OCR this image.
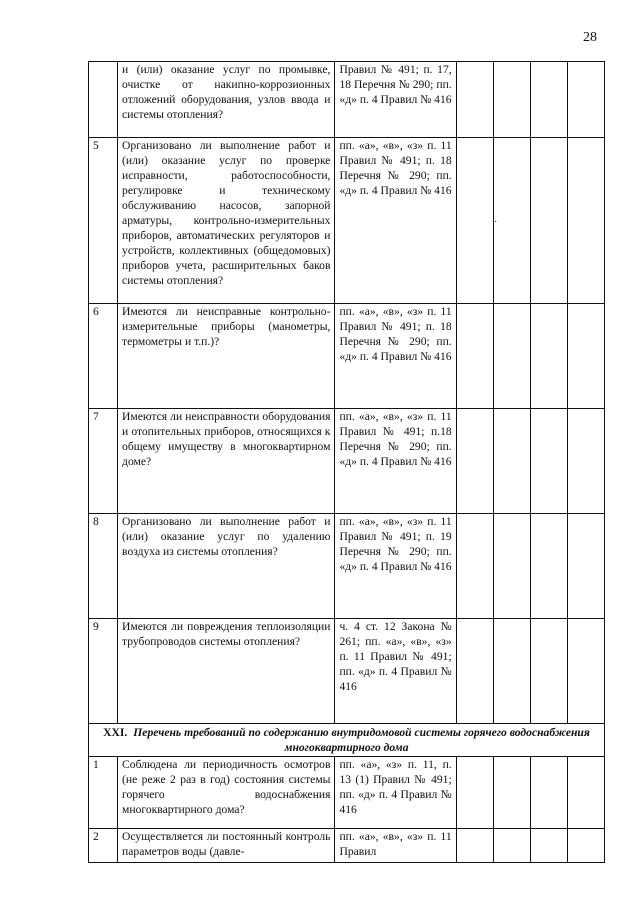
28
	и (или) оказание услуг по промывке, очистке от накипно-коррозионных отложений оборудования, узлов ввода и системы отопления?	Правил № 491; п. 17, 18 Перечня № 290; пп. «д» п. 4 Правил № 416				
5	Организовано ли выполнение работ и (или) оказание услуг по проверке исправности, работоспособности, регулировке и техническому обслуживанию насосов, запорной арматуры, контрольно-измерительных приборов, автоматических регуляторов и устройств, коллективных (общедомовых) приборов учета, расширительных баков системы отопления?	пп. «а», «в», «з» п. 11 Правил № 491; п. 18 Перечня № 290; пп. «д» п. 4 Правил № 416				
6	Имеются ли неисправные контрольно-измерительные приборы (манометры, термометры и т.п.)?	пп. «а», «в», «з» п. 11 Правил № 491; п. 18 Перечня № 290; пп. «д» п. 4 Правил № 416				
7	Имеются ли неисправности оборудования и отопительных приборов, относящихся к общему имуществу в многоквартирном доме?	пп. «а», «в», «з» п. 11 Правил № 491; п.18 Перечня № 290; пп. «д» п. 4 Правил № 416				
8	Организовано ли выполнение работ и (или) оказание услуг по удалению воздуха из системы отопления?	пп. «а», «в», «з» п. 11 Правил № 491; п. 19 Перечня № 290; пп. «д» п. 4 Правил № 416				
9	Имеются ли повреждения теплоизоляции трубопроводов системы отопления?	ч. 4 ст. 12 Закона № 261; пп. «а», «в», «з» п. 11 Правил № 491; пп. «д» п. 4 Правил № 416				
XXI. Перечень требований по содержанию внутридомовой системы горячего водоснабжения многоквартирного дома						
1	Соблюдена ли периодичность осмотров (не реже 2 раз в год) состояния системы горячего водоснабжения многоквартирного дома?	пп. «а», «з» п. 11, п. 13 (1) Правил № 491; пп. «д» п. 4 Правил № 416				
2	Осуществляется ли постоянный контроль параметров воды (давле-	пп. «а», «в», «з» п. 11 Правил				
·
